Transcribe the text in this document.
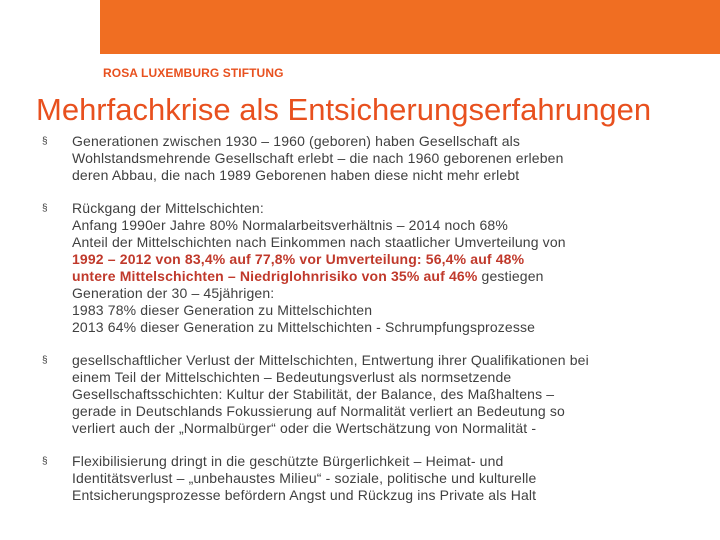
ROSA LUXEMBURG STIFTUNG
Mehrfachkrise als Entsicherungserfahrungen
§ Generationen zwischen 1930 – 1960 (geboren) haben Gesellschaft als
Wohlstandsmehrende Gesellschaft erlebt – die nach 1960 geborenen erleben
deren Abbau, die nach 1989 Geborenen haben diese nicht mehr erlebt
§ Rückgang der Mittelschichten:
Anfang 1990er Jahre 80% Normalarbeitsverhältnis – 2014 noch 68%
Anteil der Mittelschichten nach Einkommen nach staatlicher Umverteilung von
1992 – 2012 von 83,4% auf 77,8% vor Umverteilung: 56,4% auf 48%
untere Mittelschichten – Niedriglohnrisiko von 35% auf 46% gestiegen
Generation der 30 – 45jährigen:
1983 78% dieser Generation zu Mittelschichten
2013 64% dieser Generation zu Mittelschichten - Schrumpfungsprozesse
§ gesellschaftlicher Verlust der Mittelschichten, Entwertung ihrer Qualifikationen bei
einem Teil der Mittelschichten – Bedeutungsverlust als normsetzende
Gesellschaftsschichten: Kultur der Stabilität, der Balance, des Maßhaltens –
gerade in Deutschlands Fokussierung auf Normalität verliert an Bedeutung so
verliert auch der „Normalbürger“ oder die Wertschätzung von Normalität -
§ Flexibilisierung dringt in die geschützte Bürgerlichkeit – Heimat- und
Identitätsverlust – „unbehaustes Milieu“ - soziale, politische und kulturelle
Entsicherungsprozesse befördern Angst und Rückzug ins Private als Halt
